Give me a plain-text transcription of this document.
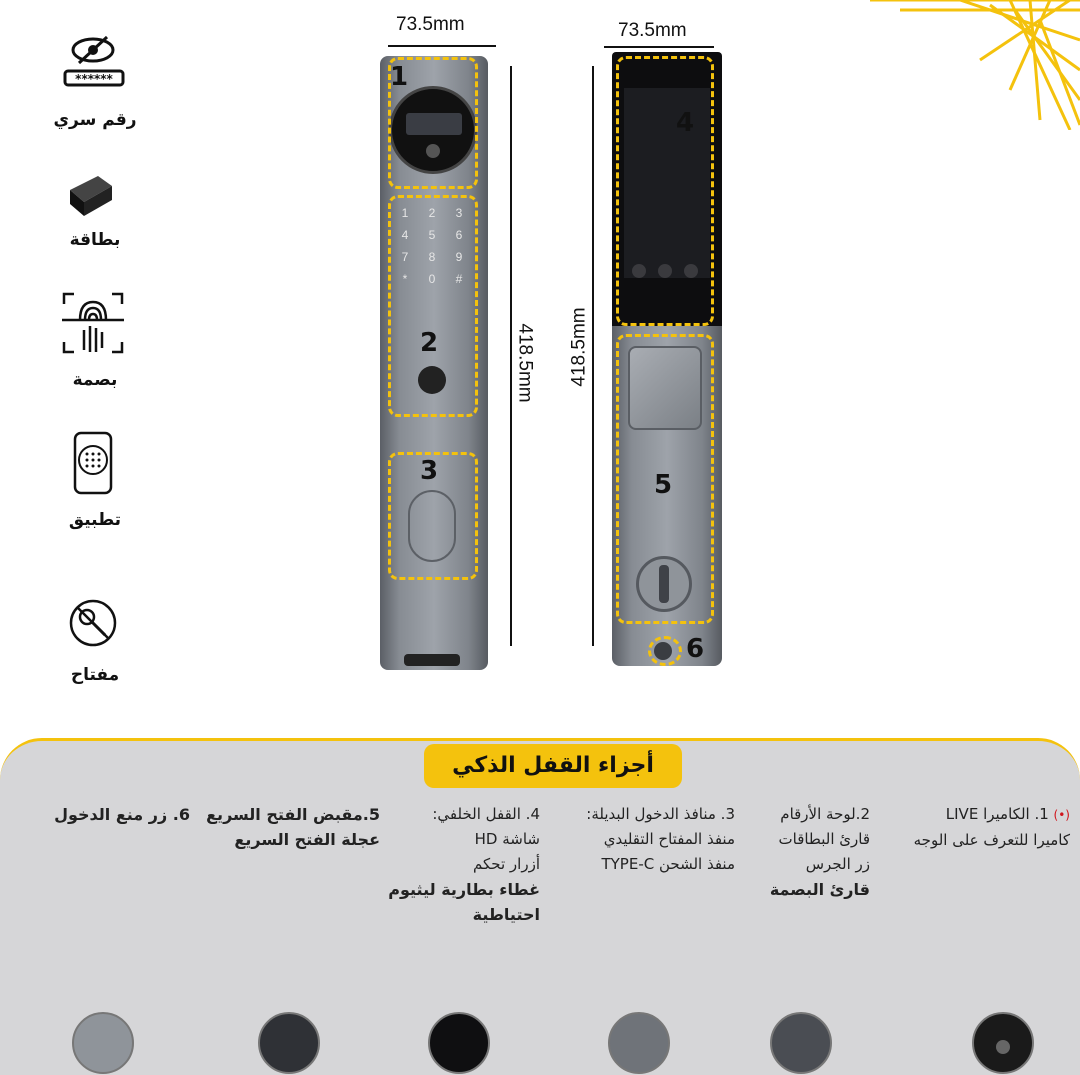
******
رقم سري
بطاقة
بصمة
تطبيق
مفتاح
73.5mm
1	2	3
4	5	6
7	8	9
*	0	#
1
2
3
418.5mm
73.5mm
418.5mm
4
5
6
أجزاء القفل الذكي
(•) 1. الكاميرا LIVE
كاميرا للتعرف على الوجه
2.لوحة الأرقام
قارئ البطاقات
زر الجرس
قارئ البصمة
3. منافذ الدخول البديلة:
منفذ المفتاح التقليدي
منفذ الشحن TYPE-C
4. القفل الخلفي:
شاشة HD
أزرار تحكم
غطاء بطارية ليثيوم
احتياطية
5.مقبض الفتح السريع
عجلة الفتح السريع
6. زر منع الدخول
